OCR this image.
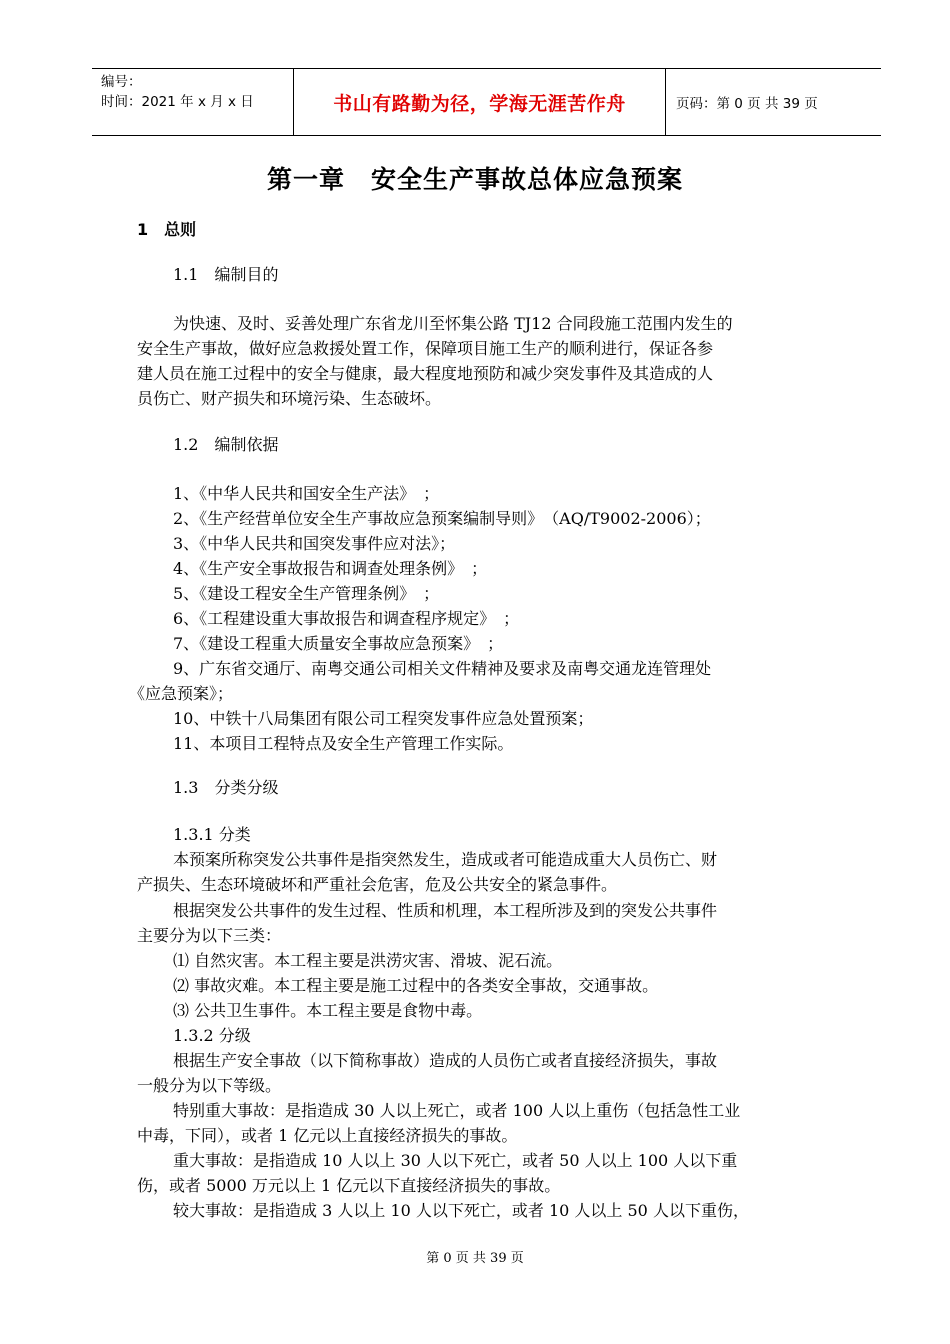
编号：
时间：2021 年 x 月 x 日	书山有路勤为径，学海无涯苦作舟	页码：第 0 页 共 39 页
第一章　安全生产事故总体应急预案
1　总则
1.1　编制目的
为快速、及时、妥善处理广东省龙川至怀集公路 TJ12 合同段施工范围内发生的
安全生产事故，做好应急救援处置工作，保障项目施工生产的顺利进行，保证各参
建人员在施工过程中的安全与健康，最大程度地预防和减少突发事件及其造成的人
员伤亡、财产损失和环境污染、生态破坏。
1.2　编制依据
1、《中华人民共和国安全生产法》　；
2、《生产经营单位安全生产事故应急预案编制导则》　（AQ/T9002-2006）；
3、《中华人民共和国突发事件应对法》；
4、《生产安全事故报告和调查处理条例》　；
5、《建设工程安全生产管理条例》　；
6、《工程建设重大事故报告和调查程序规定》　；
7、《建设工程重大质量安全事故应急预案》　；
9、广东省交通厅、南粤交通公司相关文件精神及要求及南粤交通龙连管理处
《应急预案》；
10、中铁十八局集团有限公司工程突发事件应急处置预案；
11、本项目工程特点及安全生产管理工作实际。
1.3　分类分级
1.3.1 分类
本预案所称突发公共事件是指突然发生，造成或者可能造成重大人员伤亡、财
产损失、生态环境破坏和严重社会危害，危及公共安全的紧急事件。
根据突发公共事件的发生过程、性质和机理，本工程所涉及到的突发公共事件
主要分为以下三类：
⑴ 自然灾害。本工程主要是洪涝灾害、滑坡、泥石流。
⑵ 事故灾难。本工程主要是施工过程中的各类安全事故，交通事故。
⑶ 公共卫生事件。本工程主要是食物中毒。
1.3.2 分级
根据生产安全事故（以下简称事故）造成的人员伤亡或者直接经济损失，事故
一般分为以下等级。
特别重大事故：是指造成 30 人以上死亡，或者 100 人以上重伤（包括急性工业
中毒，下同），或者 1 亿元以上直接经济损失的事故。
重大事故：是指造成 10 人以上 30 人以下死亡，或者 50 人以上 100 人以下重
伤，或者 5000 万元以上 1 亿元以下直接经济损失的事故。
较大事故：是指造成 3 人以上 10 人以下死亡，或者 10 人以上 50 人以下重伤，
第 0 页 共 39 页
